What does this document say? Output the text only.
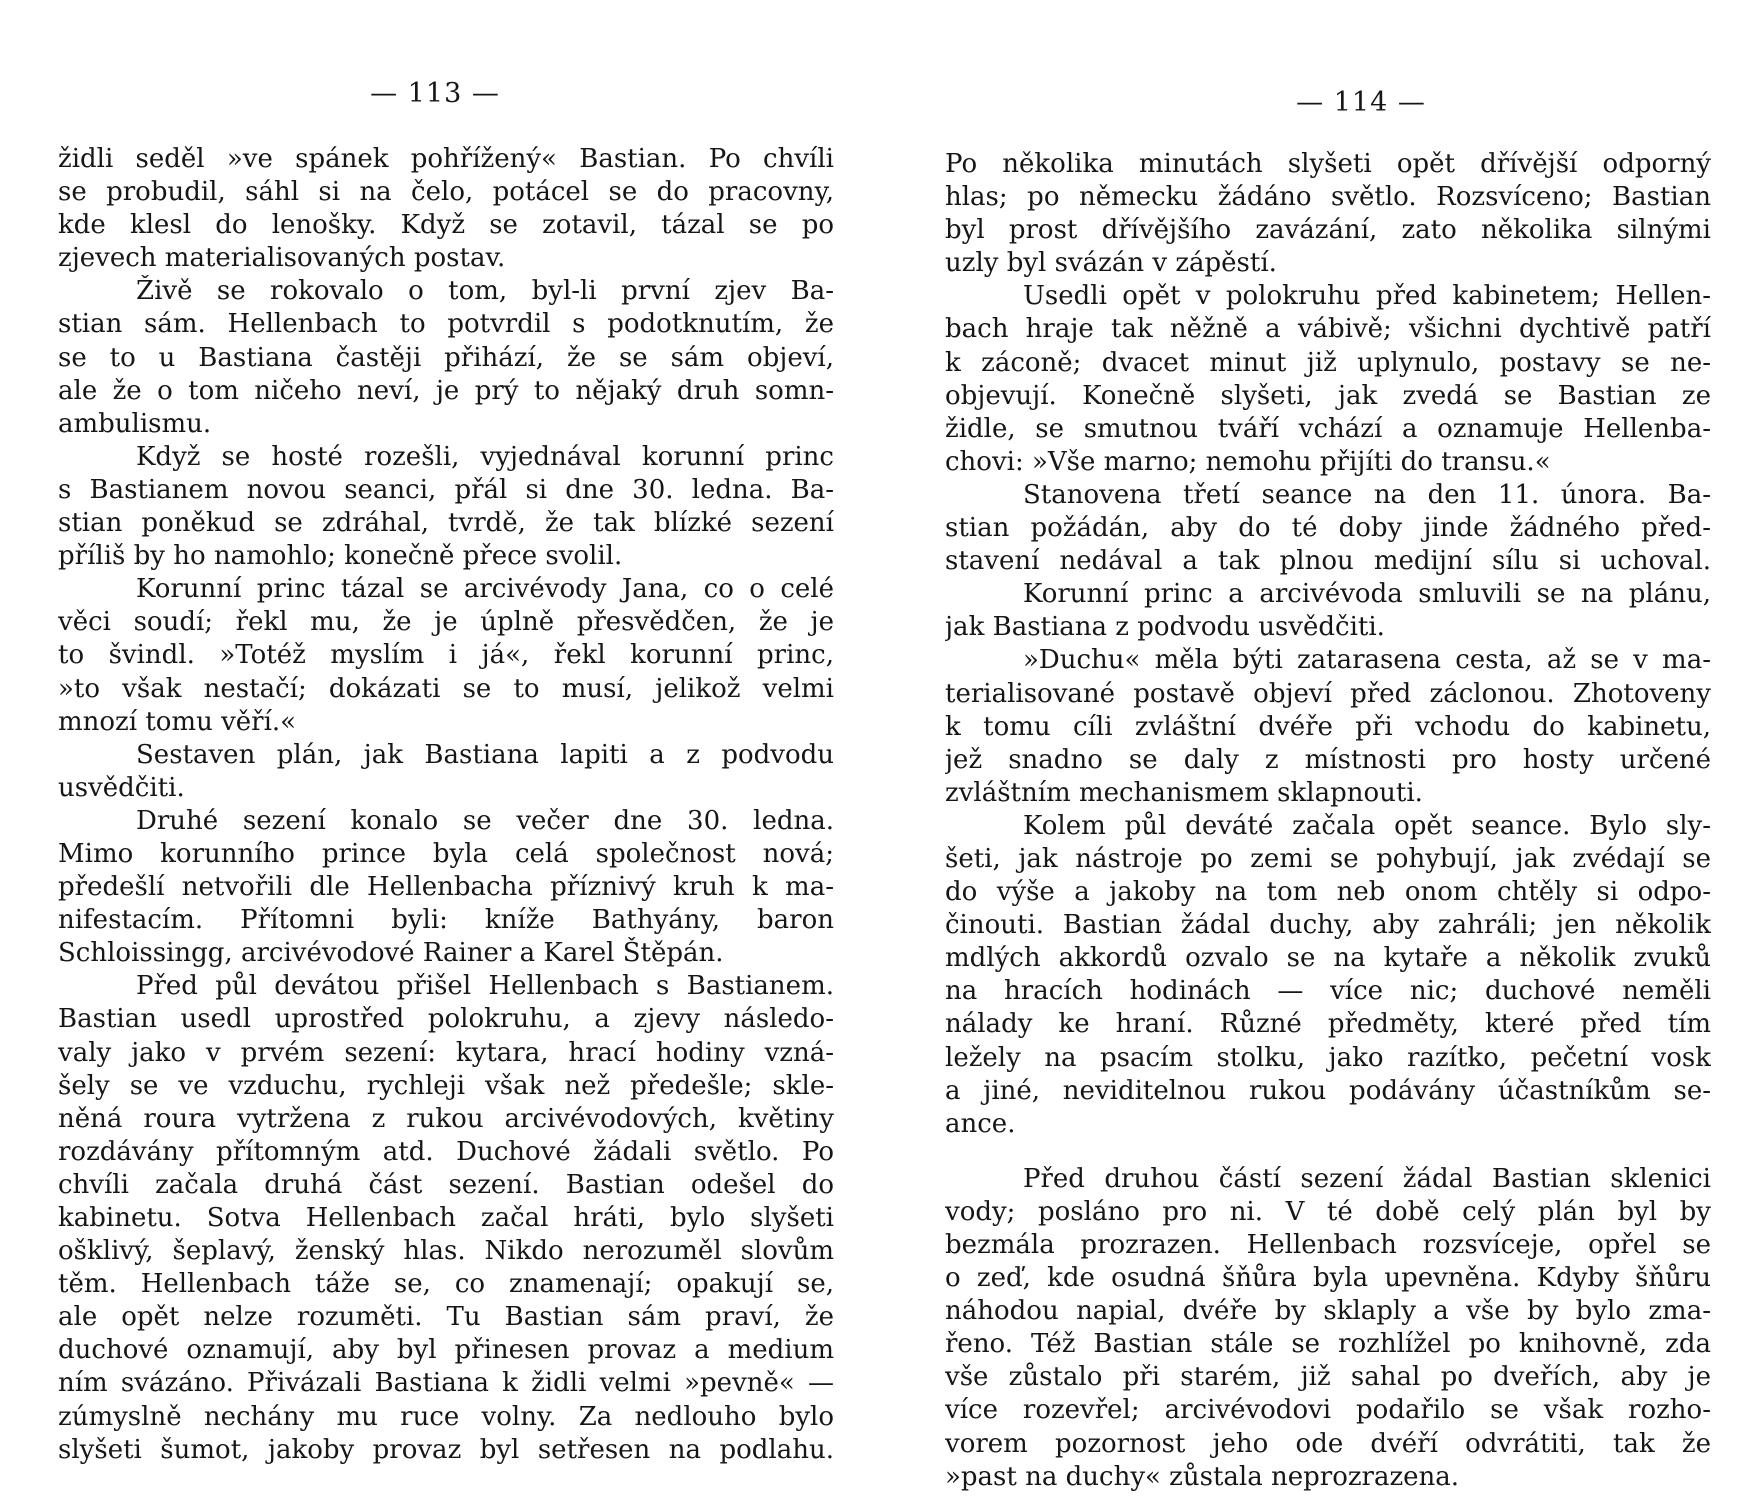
— 113 —

židli seděl »ve spánek pohřížený« Bastian. Po chvíli
se probudil, sáhl si na čelo, potácel se do pracovny,
kde klesl do lenošky. Když se zotavil, tázal se po
zjevech materialisovaných postav.
Živě se rokovalo o tom, byl-li první zjev Ba-
stian sám. Hellenbach to potvrdil s podotknutím, že
se to u Bastiana častěji přihází, že se sám objeví,
ale že o tom ničeho neví, je prý to nějaký druh somn-
ambulismu.
Když se hosté rozešli, vyjednával korunní princ
s Bastianem novou seanci, přál si dne 30. ledna. Ba-
stian poněkud se zdráhal, tvrdě, že tak blízké sezení
příliš by ho namohlo; konečně přece svolil.
Korunní princ tázal se arcivévody Jana, co o celé
věci soudí; řekl mu, že je úplně přesvědčen, že je
to švindl. »Totéž myslím i já«, řekl korunní princ,
»to však nestačí; dokázati se to musí, jelikož velmi
mnozí tomu věří.«
Sestaven plán, jak Bastiana lapiti a z podvodu
usvědčiti.
Druhé sezení konalo se večer dne 30. ledna.
Mimo korunního prince byla celá společnost nová;
předešlí netvořili dle Hellenbacha příznivý kruh k ma-
nifestacím. Přítomni byli: kníže Bathyány, baron
Schloissingg, arcivévodové Rainer a Karel Štěpán.
Před půl devátou přišel Hellenbach s Bastianem.
Bastian usedl uprostřed polokruhu, a zjevy následo-
valy jako v prvém sezení: kytara, hrací hodiny vzná-
šely se ve vzduchu, rychleji však než předešle; skle-
něná roura vytržena z rukou arcivévodových, květiny
rozdávány přítomným atd. Duchové žádali světlo. Po
chvíli začala druhá část sezení. Bastian odešel do
kabinetu. Sotva Hellenbach začal hráti, bylo slyšeti
ošklivý, šeplavý, ženský hlas. Nikdo nerozuměl slovům
těm. Hellenbach táže se, co znamenají; opakují se,
ale opět nelze rozuměti. Tu Bastian sám praví, že
duchové oznamují, aby byl přinesen provaz a medium
ním svázáno. Přivázali Bastiana k židli velmi »pevně« —
zúmyslně nechány mu ruce volny. Za nedlouho bylo
slyšeti šumot, jakoby provaz byl setřesen na podlahu.

— 114 —

Po několika minutách slyšeti opět dřívější odporný
hlas; po německu žádáno světlo. Rozsvíceno; Bastian
byl prost dřívějšího zavázání, zato několika silnými
uzly byl svázán v zápěstí.
Usedli opět v polokruhu před kabinetem; Hellen-
bach hraje tak něžně a vábivě; všichni dychtivě patří
k záconě; dvacet minut již uplynulo, postavy se ne-
objevují. Konečně slyšeti, jak zvedá se Bastian ze
židle, se smutnou tváří vchází a oznamuje Hellenba-
chovi: »Vše marno; nemohu přijíti do transu.«
Stanovena třetí seance na den 11. února. Ba-
stian požádán, aby do té doby jinde žádného před-
stavení nedával a tak plnou medijní sílu si uchoval.
Korunní princ a arcivévoda smluvili se na plánu,
jak Bastiana z podvodu usvědčiti.
»Duchu« měla býti zatarasena cesta, až se v ma-
terialisované postavě objeví před záclonou. Zhotoveny
k tomu cíli zvláštní dvéře při vchodu do kabinetu,
jež snadno se daly z místnosti pro hosty určené
zvláštním mechanismem sklapnouti.
Kolem půl deváté začala opět seance. Bylo sly-
šeti, jak nástroje po zemi se pohybují, jak zvédají se
do výše a jakoby na tom neb onom chtěly si odpo-
činouti. Bastian žádal duchy, aby zahráli; jen několik
mdlých akkordů ozvalo se na kytaře a několik zvuků
na hracích hodinách — více nic; duchové neměli
nálady ke hraní. Různé předměty, které před tím
ležely na psacím stolku, jako razítko, pečetní vosk
a jiné, neviditelnou rukou podávány účastníkům se-
ance.
Před druhou částí sezení žádal Bastian sklenici
vody; posláno pro ni. V té době celý plán byl by
bezmála prozrazen. Hellenbach rozsvíceje, opřel se
o zeď, kde osudná šňůra byla upevněna. Kdyby šňůru
náhodou napial, dvéře by sklaply a vše by bylo zma-
řeno. Též Bastian stále se rozhlížel po knihovně, zda
vše zůstalo při starém, již sahal po dveřích, aby je
více rozevřel; arcivévodovi podařilo se však rozho-
vorem pozornost jeho ode dvéří odvrátiti, tak že
»past na duchy« zůstala neprozrazena.
